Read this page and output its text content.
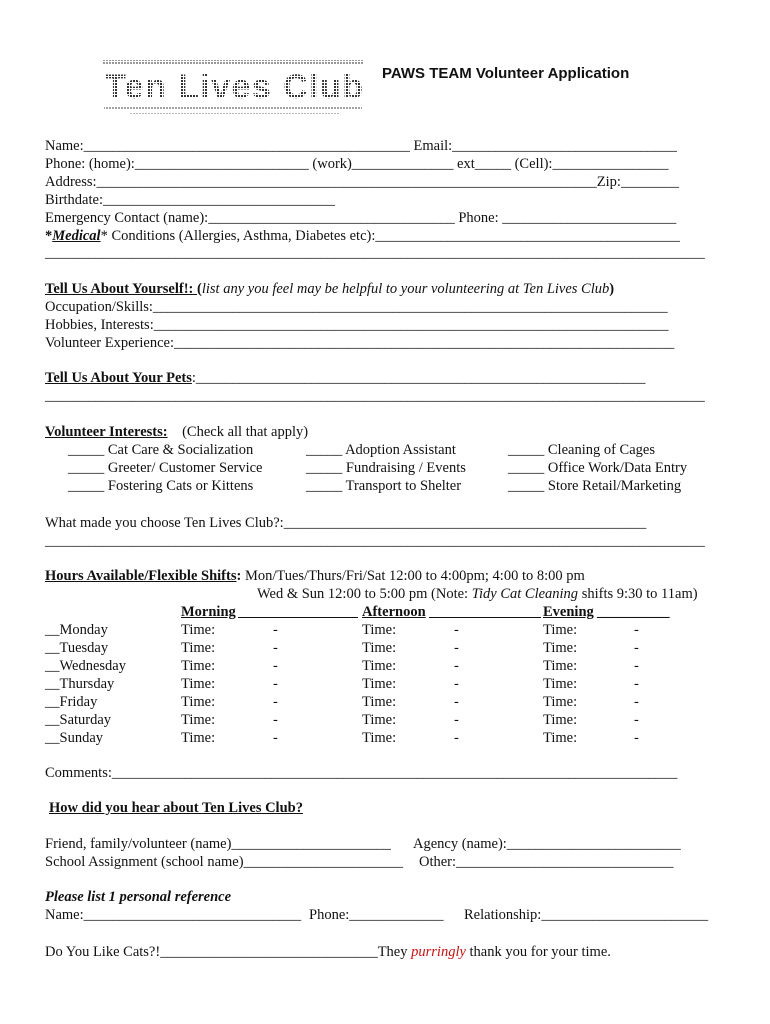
Ten Lives Club PAWS TEAM Volunteer Application
Name:_____________________________________________ Email:_______________________________
Phone: (home):________________________ (work)______________ ext_____ (Cell):________________
Address:_____________________________________________________________________Zip:________
Birthdate:________________________________
Emergency Contact (name):__________________________________ Phone: ________________________
*Medical* Conditions (Allergies, Asthma, Diabetes etc):__________________________________________
___________________________________________________________________________________________
Tell Us About Yourself!: (list any you feel may be helpful to your volunteering at Ten Lives Club)
Occupation/Skills:_______________________________________________________________________
Hobbies, Interests:_______________________________________________________________________
Volunteer Experience:_____________________________________________________________________
Tell Us About Your Pets:______________________________________________________________
___________________________________________________________________________________________
Volunteer Interests: (Check all that apply)
_____ Cat Care & Socialization
_____ Greeter/ Customer Service
_____ Fostering Cats or Kittens
_____ Adoption Assistant
_____ Fundraising / Events
_____ Transport to Shelter
_____ Cleaning of Cages
_____ Office Work/Data Entry
_____ Store Retail/Marketing
What made you choose Ten Lives Club?:__________________________________________________
___________________________________________________________________________________________
Hours Available/Flexible Shifts: Mon/Tues/Thurs/Fri/Sat 12:00 to 4:00pm; 4:00 to 8:00 pm
Wed & Sun 12:00 to 5:00 pm (Note: Tidy Cat Cleaning shifts 9:30 to 11am)
Morning	Afternoon	Evening __________
__Monday	Time:	-	Time:	-	Time:	-
__Tuesday	Time:	-	Time:	-	Time:	-
__Wednesday	Time:	-	Time:	-	Time:	-
__Thursday	Time:	-	Time:	-	Time:	-
__Friday	Time:	-	Time:	-	Time:	-
__Saturday	Time:	-	Time:	-	Time:	-
__Sunday	Time:	-	Time:	-	Time:	-
Comments:______________________________________________________________________________
How did you hear about Ten Lives Club?
Friend, family/volunteer (name)______________________ Agency (name):________________________
School Assignment (school name)______________________ Other:______________________________
Please list 1 personal reference
Name:______________________________ Phone:_____________ Relationship:_______________________
Do You Like Cats?!______________________________They purringly thank you for your time.
